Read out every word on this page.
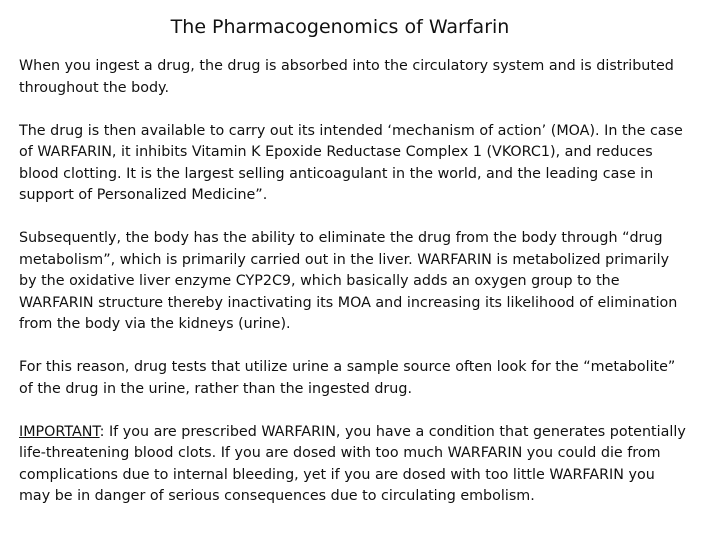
The Pharmacogenomics of Warfarin

When you ingest a drug, the drug is absorbed into the circulatory system and is distributed throughout the body.

The drug is then available to carry out its intended ‘mechanism of action’ (MOA). In the case of WARFARIN, it inhibits Vitamin K Epoxide Reductase Complex 1 (VKORC1), and reduces blood clotting. It is the largest selling anticoagulant in the world, and the leading case in support of Personalized Medicine”.

Subsequently, the body has the ability to eliminate the drug from the body through “drug metabolism”, which is primarily carried out in the liver. WARFARIN is metabolized primarily by the oxidative liver enzyme CYP2C9, which basically adds an oxygen group to the WARFARIN structure thereby inactivating its MOA and increasing its likelihood of elimination from the body via the kidneys (urine).

For this reason, drug tests that utilize urine a sample source often look for the “metabolite” of the drug in the urine, rather than the ingested drug.

IMPORTANT: If you are prescribed WARFARIN, you have a condition that generates potentially life-threatening blood clots. If you are dosed with too much WARFARIN you could die from complications due to internal bleeding, yet if you are dosed with too little WARFARIN you may be in danger of serious consequences due to circulating embolism.
